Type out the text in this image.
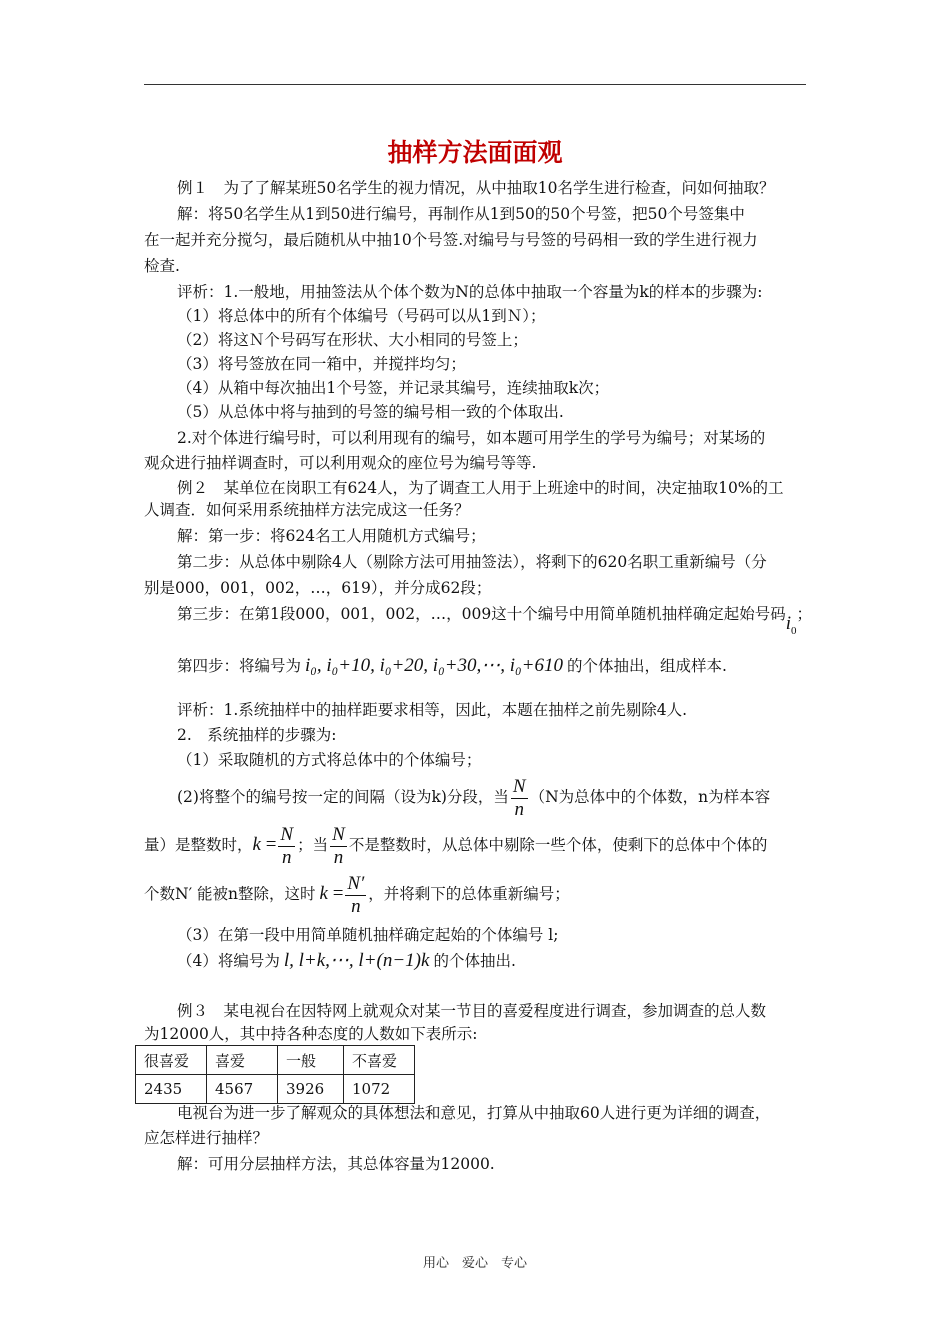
抽样方法面面观
例１　为了了解某班50名学生的视力情况，从中抽取10名学生进行检查，问如何抽取？
解：将50名学生从1到50进行编号，再制作从1到50的50个号签，把50个号签集中
在一起并充分搅匀，最后随机从中抽10个号签.对编号与号签的号码相一致的学生进行视力
检查.
评析：1.一般地，用抽签法从个体个数为N的总体中抽取一个容量为k的样本的步骤为:
（1）将总体中的所有个体编号（号码可以从1到Ｎ）；
（2）将这Ｎ个号码写在形状、大小相同的号签上；
（3）将号签放在同一箱中，并搅拌均匀；
（4）从箱中每次抽出1个号签，并记录其编号，连续抽取k次；
（5）从总体中将与抽到的号签的编号相一致的个体取出.
2.对个体进行编号时，可以利用现有的编号，如本题可用学生的学号为编号；对某场的
观众进行抽样调查时，可以利用观众的座位号为编号等等.
例２　某单位在岗职工有624人，为了调查工人用于上班途中的时间，决定抽取10%的工
人调查．如何采用系统抽样方法完成这一任务？
解：第一步：将624名工人用随机方式编号；
第二步：从总体中剔除4人（剔除方法可用抽签法），将剩下的620名职工重新编号（分
别是000，001，002，…，619），并分成62段；
第三步：在第1段000，001，002，…，009这十个编号中用简单随机抽样确定起始号码$i_0$；
第四步：将编号为 i₀, i₀+10, i₀+20, i₀+30,⋯, i₀+610 的个体抽出，组成样本.
评析：1.系统抽样中的抽样距要求相等，因此，本题在抽样之前先剔除4人.
2.　系统抽样的步骤为:
（1）采取随机的方式将总体中的个体编号；
(2)将整个的编号按一定的间隔（设为k)分段，当 $\frac{N}{n} (N$为总体中的个体数，n为样本容
量）是整数时，$k = \frac{N}{n}$ ；当 $\frac{N}{n}$ 不是整数时，从总体中剔除一些个体，使剩下的总体中个体的
个数N′ 能被n整除，这时 $k = \frac{N'}{n}$ ，并将剩下的总体重新编号；
（3）在第一段中用简单随机抽样确定起始的个体编号 l;
（4）将编号为 l, l+k,⋯, l+(n−1)k 的个体抽出.
例３　某电视台在因特网上就观众对某一节目的喜爱程度进行调查，参加调查的总人数
为12000人，其中持各种态度的人数如下表所示:
很喜爱	喜爱	一般	不喜爱
2435	4567	3926	1072
电视台为进一步了解观众的具体想法和意见，打算从中抽取60人进行更为详细的调查，
应怎样进行抽样？
解：可用分层抽样方法，其总体容量为12000.
用心　爱心　专心
